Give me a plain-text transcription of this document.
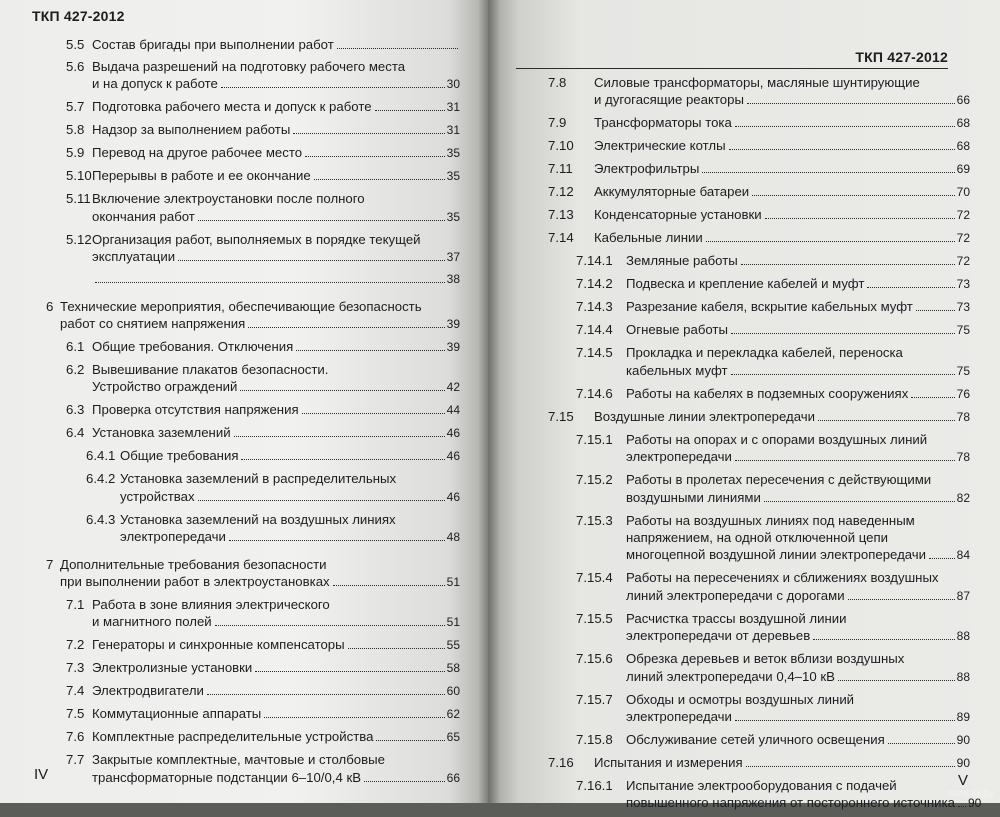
ТКП 427-2012
5.5 Состав бригады при выполнении работ
5.6 Выдача разрешений на подготовку рабочего места
и на допуск к работе	30
5.7 Подготовка рабочего места и допуск к работе	31
5.8 Надзор за выполнением работы	31
5.9 Перевод на другое рабочее место	35
5.10 Перерывы в работе и ее окончание	35
5.11 Включение электроустановки после полного
окончания работ	35
5.12 Организация работ, выполняемых в порядке текущей
эксплуатации	37
38
6 Технические мероприятия, обеспечивающие безопасность
работ со снятием напряжения	39
6.1 Общие требования. Отключения	39
6.2 Вывешивание плакатов безопасности.
Устройство ограждений	42
6.3 Проверка отсутствия напряжения	44
6.4 Установка заземлений	46
6.4.1 Общие требования	46
6.4.2 Установка заземлений в распределительных
устройствах	46
6.4.3 Установка заземлений на воздушных линиях
электропередачи	48
7 Дополнительные требования безопасности
при выполнении работ в электроустановках	51
7.1 Работа в зоне влияния электрического
и магнитного полей	51
7.2 Генераторы и синхронные компенсаторы	55
7.3 Электролизные установки	58
7.4 Электродвигатели	60
7.5 Коммутационные аппараты	62
7.6 Комплектные распределительные устройства	65
7.7 Закрытые комплектные, мачтовые и столбовые
трансформаторные подстанции 6–10/0,4 кВ	66
IV
ТКП 427-2012
7.8	Силовые трансформаторы, масляные шунтирующие
и дугогасящие реакторы	66
7.9	Трансформаторы тока	68
7.10	Электрические котлы	68
7.11	Электрофильтры	69
7.12	Аккумуляторные батареи	70
7.13	Конденсаторные установки	72
7.14	Кабельные линии	72
7.14.1	Земляные работы	72
7.14.2	Подвеска и крепление кабелей и муфт	73
7.14.3	Разрезание кабеля, вскрытие кабельных муфт	73
7.14.4	Огневые работы	75
7.14.5	Прокладка и перекладка кабелей, переноска
кабельных муфт	75
7.14.6	Работы на кабелях в подземных сооружениях	76
7.15	Воздушные линии электропередачи	78
7.15.1	Работы на опорах и с опорами воздушных линий
электропередачи	78
7.15.2	Работы в пролетах пересечения с действующими
воздушными линиями	82
7.15.3	Работы на воздушных линиях под наведенным
напряжением, на одной отключенной цепи
многоцепной воздушной линии электропередачи	84
7.15.4	Работы на пересечениях и сближениях воздушных
линий электропередачи с дорогами	87
7.15.5	Расчистка трассы воздушной линии
электропередачи от деревьев	88
7.15.6	Обрезка деревьев и веток вблизи воздушных
линий электропередачи 0,4–10 кВ	88
7.15.7	Обходы и осмотры воздушных линий
электропередачи	89
7.15.8	Обслуживание сетей уличного освещения	90
7.16	Испытания и измерения	90
7.16.1	Испытание электрооборудования с подачей
повышенного напряжения от постороннего источника 90
V
www.ay.by
